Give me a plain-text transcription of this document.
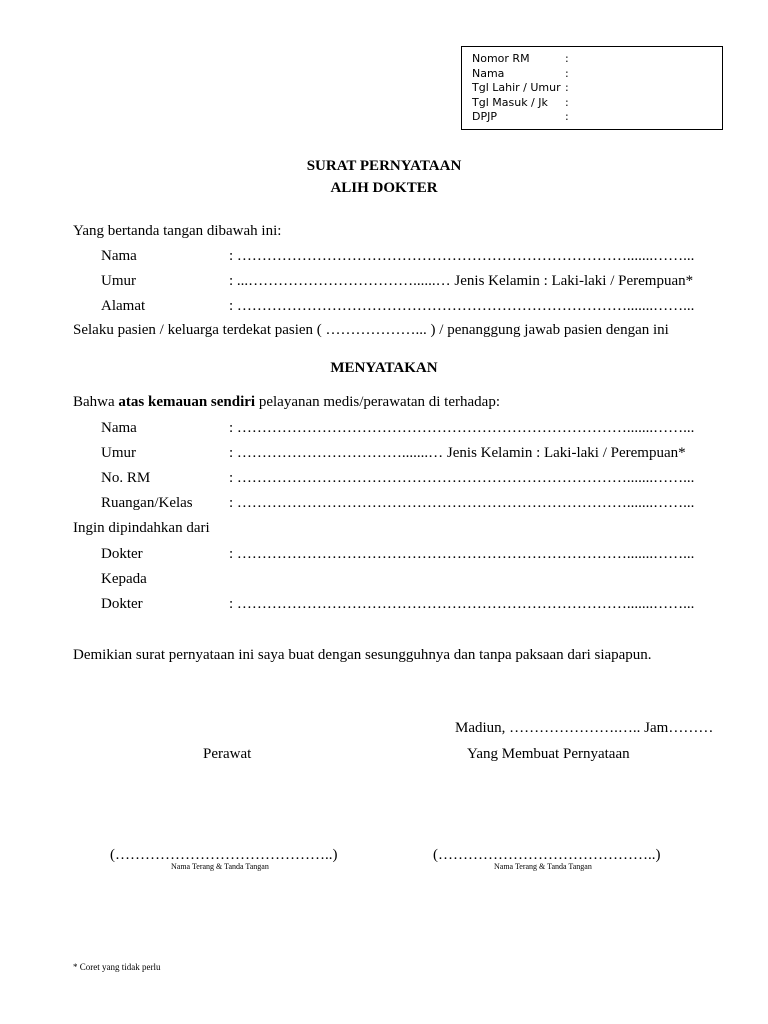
Nomor RM	:
Nama	:
Tgl Lahir / Umur :
Tgl Masuk / Jk :
DPJP	:
SURAT PERNYATAAN
ALIH DOKTER
Yang bertanda tangan dibawah ini:
Nama	: …………………………………………………………………….......……...
Umur	: ...……………………………......… Jenis Kelamin : Laki-laki / Perempuan*
Alamat	: …………………………………………………………………….......……...
Selaku pasien / keluarga terdekat pasien ( ………………... ) / penanggung jawab pasien dengan ini
MENYATAKAN
Bahwa atas kemauan sendiri pelayanan medis/perawatan di terhadap:
Nama	: …………………………………………………………………….......……...
Umur	: …………………………….......… Jenis Kelamin : Laki-laki / Perempuan*
No. RM	: …………………………………………………………………….......……...
Ruangan/Kelas : …………………………………………………………………….......……...
Ingin dipindahkan dari
Dokter	: …………………………………………………………………….......……...
Kepada
Dokter	: …………………………………………………………………….......……...
Demikian surat pernyataan ini saya buat dengan sesungguhnya dan tanpa paksaan dari siapapun.
Madiun, ………………….….. Jam………
Perawat	Yang Membuat Pernyataan
(……………………………………..)	(……………………………………..)
Nama Terang & Tanda Tangan	Nama Terang & Tanda Tangan
* Coret yang tidak perlu
